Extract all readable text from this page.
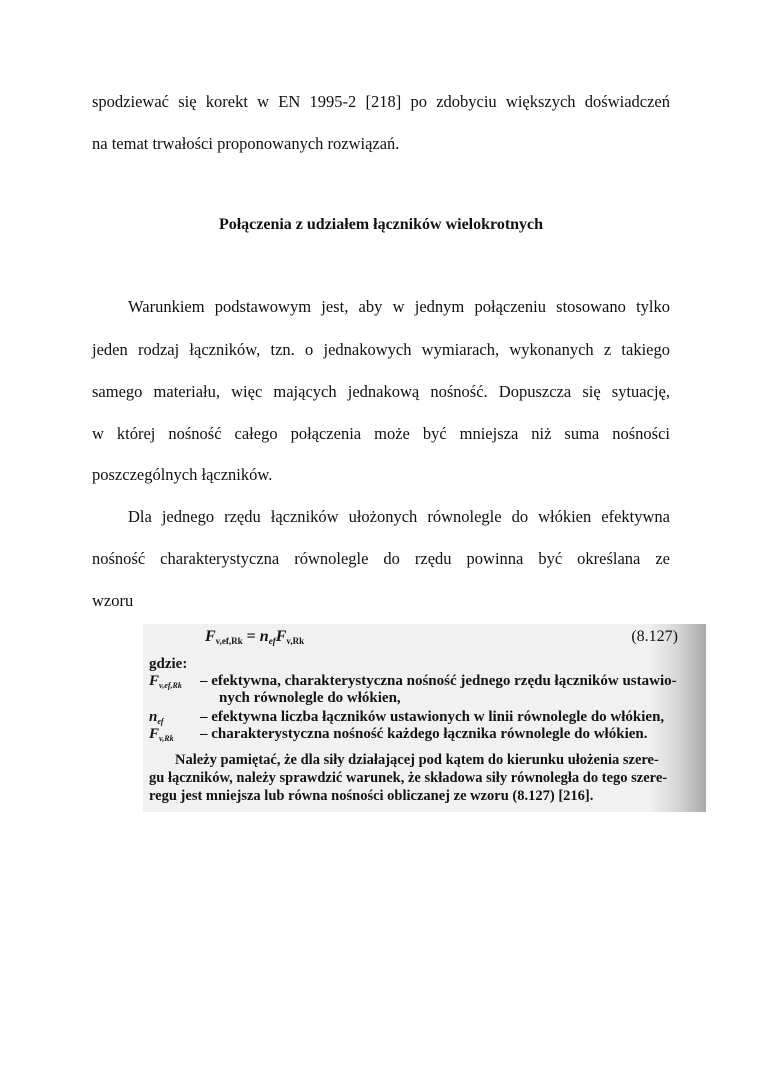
spodziewać się korekt w EN 1995-2 [218] po zdobyciu większych doświadczeń
na temat trwałości proponowanych rozwiązań.
Połączenia z udziałem łączników wielokrotnych
Warunkiem podstawowym jest, aby w jednym połączeniu stosowano tylko
jeden rodzaj łączników, tzn. o jednakowych wymiarach, wykonanych z takiego
samego materiału, więc mających jednakową nośność. Dopuszcza się sytuację,
w której nośność całego połączenia może być mniejsza niż suma nośności
poszczególnych łączników.
Dla jednego rzędu łączników ułożonych równolegle do włókien efektywna
nośność charakterystyczna równolegle do rzędu powinna być określana ze
wzoru
$F_{v,ef,Rk} = n_{ef}F_{v,Rk}$	(8.127)
gdzie:
$F_{v,ef,Rk}$ – efektywna, charakterystyczna nośność jednego rzędu łączników ustawio-
nych równolegle do włókien,
$n_{ef}$ – efektywna liczba łączników ustawionych w linii równolegle do włókien,
$F_{v,Rk}$ – charakterystyczna nośność każdego łącznika równolegle do włókien.
Należy pamiętać, że dla siły działającej pod kątem do kierunku ułożenia szere-
gu łączników, należy sprawdzić warunek, że składowa siły równoległa do tego szere-
regu jest mniejsza lub równa nośności obliczanej ze wzoru (8.127) [216].
